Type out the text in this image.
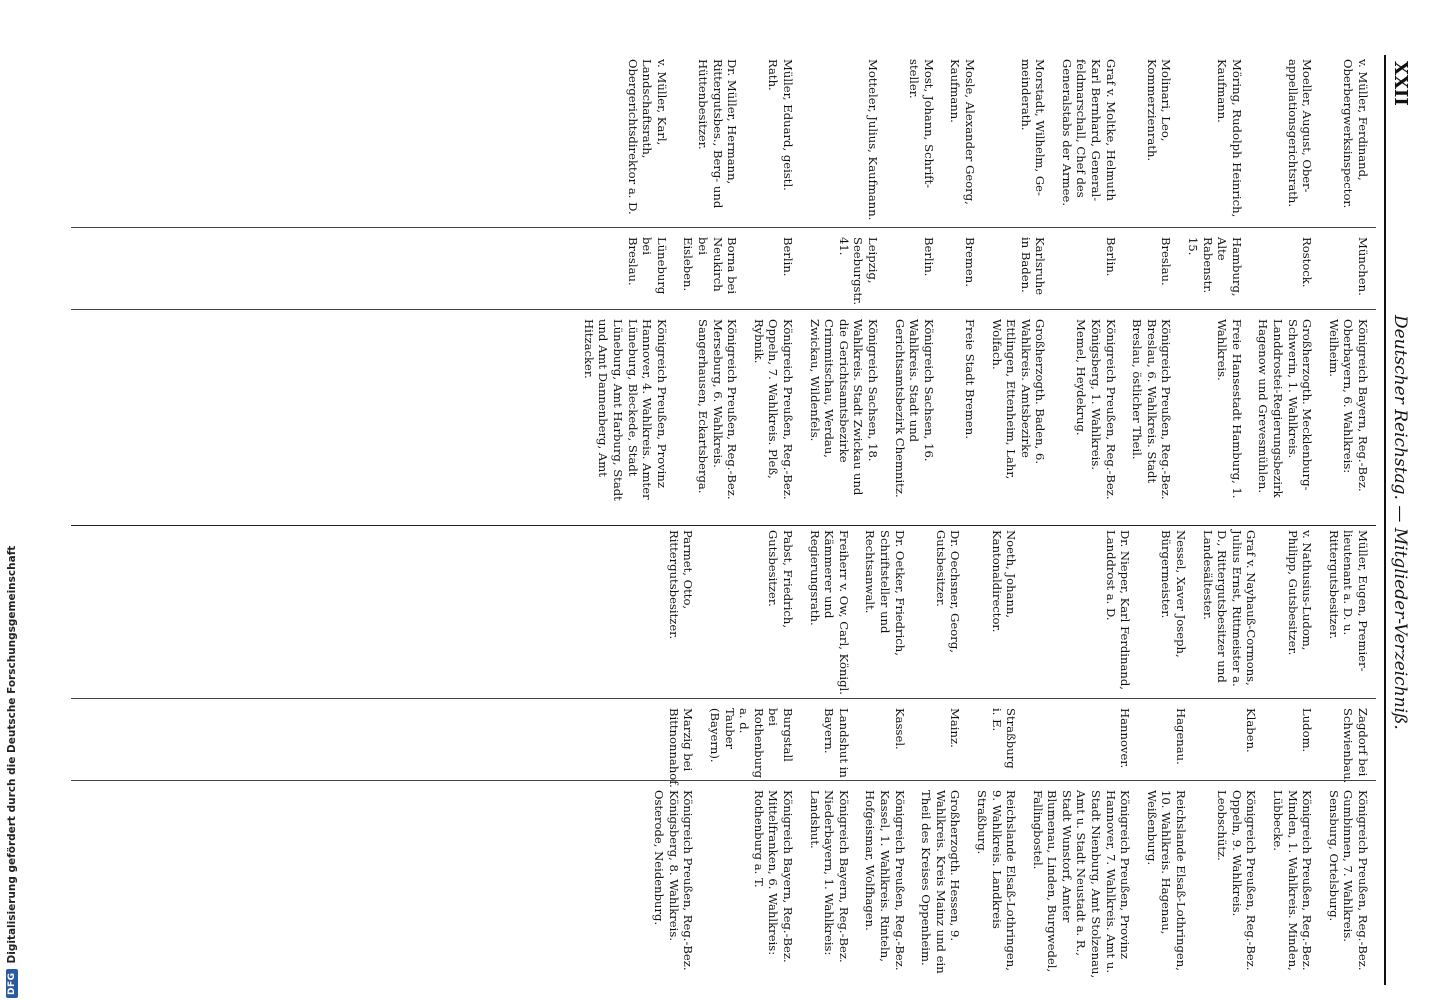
XXII
Deutscher Reichstag. — Mitglieder-Verzeichniß.
v. Müller, Ferdinand, Oberbergwerksinspector.
München.
Königreich Bayern, Reg.-Bez. Oberbayern, 6. Wahlkreis: Weilheim.
Moeller, August, Ober-appellationsgerichtsrath.
Rostock.
Großherzogth. Mecklenburg-Schwerin, 1. Wahlkreis. Landdrostei-Regierungsbezirk Hagenow und Grevesmühlen.
Möring, Rudolph Heinrich, Kaufmann.
Hamburg, Alte Rabenstr. 15.
Freie Hansestadt Hamburg, 1. Wahlkreis.
Molinari, Leo, Kommerzienrath.
Breslau.
Königreich Preußen, Reg.-Bez. Breslau, 6. Wahlkreis. Stadt Breslau, östlicher Theil.
Graf v. Moltke, Helmuth Karl Bernhard, General-feldmarschall, Chef des Generalstabs der Armee.
Berlin.
Königreich Preußen, Reg.-Bez. Königsberg, 1. Wahlkreis. Memel, Heydekrug.
Morstadt, Wilhelm, Ge-meinderath.
Karlsruhe in Baden.
Großherzogth. Baden, 6. Wahlkreis. Amtsbezirke Ettlingen, Ettenheim, Lahr, Wolfach.
Mosle, Alexander Georg, Kaufmann.
Bremen.
Freie Stadt Bremen.
Most, Johann, Schrift-steller.
Berlin.
Königreich Sachsen, 16. Wahlkreis. Stadt und Gerichtsamtsbezirk Chemnitz.
Motteler, Julius, Kaufmann.
Leipzig, Seeburgstr. 41.
Königreich Sachsen, 18. Wahlkreis. Stadt Zwickau und die Gerichtsamtsbezirke Crimmitschau, Werdau, Zwickau, Wildenfels.
Müller, Eduard, geistl. Rath.
Berlin.
Königreich Preußen, Reg.-Bez. Oppeln, 7. Wahlkreis. Pleß, Rybnik.
Dr. Müller, Hermann, Rittergutsbes., Berg- und Hüttenbesitzer.
Borna bei Neukirch bei Eisleben.
Königreich Preußen, Reg.-Bez. Merseburg, 6. Wahlkreis. Sangerhausen, Eckartsberga.
v. Müller, Karl, Landschaftsrath, Obergerichtsdirektor a. D.
Lüneburg bei Breslau.
Königreich Preußen, Provinz Hannover, 4. Wahlkreis. Amter Lüneburg, Bleckede, Stadt Lüneburg, Amt Harburg, Stadt und Amt Dannenberg, Amt Hitzacker.
Müller, Eugen, Premier-lieutenant a. D. u. Rittergutsbesitzer.
Zagdorf bei Schwienbau.
Königreich Preußen, Reg.-Bez. Gumbinnen, 7. Wahlkreis. Sensburg, Ortelsburg.
v. Nathusius-Ludom, Philipp, Gutsbesitzer.
Ludom.
Königreich Preußen, Reg.-Bez. Minden, 1. Wahlkreis. Minden, Lübbecke.
Graf v. Nayhauß-Cormons, Julius Ernst, Rittmeister a. D., Rittergutsbesitzer und Landesältester.
Klaben.
Königreich Preußen, Reg.-Bez. Oppeln, 9. Wahlkreis. Leobschütz.
Nessel, Xaver Joseph, Bürgermeister.
Hagenau.
Reichslande Elsaß-Lothringen, 10. Wahlkreis. Hagenau, Weißenburg.
Dr. Nieper, Karl Ferdinand, Landdrost a. D.
Hannover.
Königreich Preußen, Provinz Hannover, 7. Wahlkreis. Amt u. Stadt Nienburg, Amt Stolzenau, Amt u. Stadt Neustadt a. R., Stadt Wunstorf, Amter Blumenau, Linden, Burgwedel, Fallingbostel.
Noeth, Johann, Kantonaldirector.
Straßburg i. E.
Reichslande Elsaß-Lothringen, 9. Wahlkreis. Landkreis Straßburg.
Dr. Oechsner, Georg, Gutsbesitzer.
Mainz.
Großherzogth. Hessen, 9. Wahlkreis. Kreis Mainz und ein Theil des Kreises Oppenheim.
Dr. Oetker, Friedrich, Schriftsteller und Rechtsanwalt.
Kassel.
Königreich Preußen, Reg.-Bez. Kassel, 1. Wahlkreis. Rinteln, Hofgeismar, Wolfhagen.
Freiherr v. Ow, Carl, Königl. Kämmerer und Regierungsrath.
Landshut in Bayern.
Königreich Bayern, Reg.-Bez. Niederbayern, 1. Wahlkreis: Landshut.
Pabst, Friedrich, Gutsbesitzer.
Burgstall bei Rothenburg a. d. Tauber (Bayern).
Königreich Bayern, Reg.-Bez. Mittelfranken, 6. Wahlkreis: Rothenburg a. T.
Parmet, Otto, Rittergutsbesitzer.
Marzig bei Bittnonnahof.
Königreich Preußen, Reg.-Bez. Königsberg, 8. Wahlkreis. Osterode, Neidenburg.
DFG
Digitalisierung gefördert durch die Deutsche Forschungsgemeinschaft
